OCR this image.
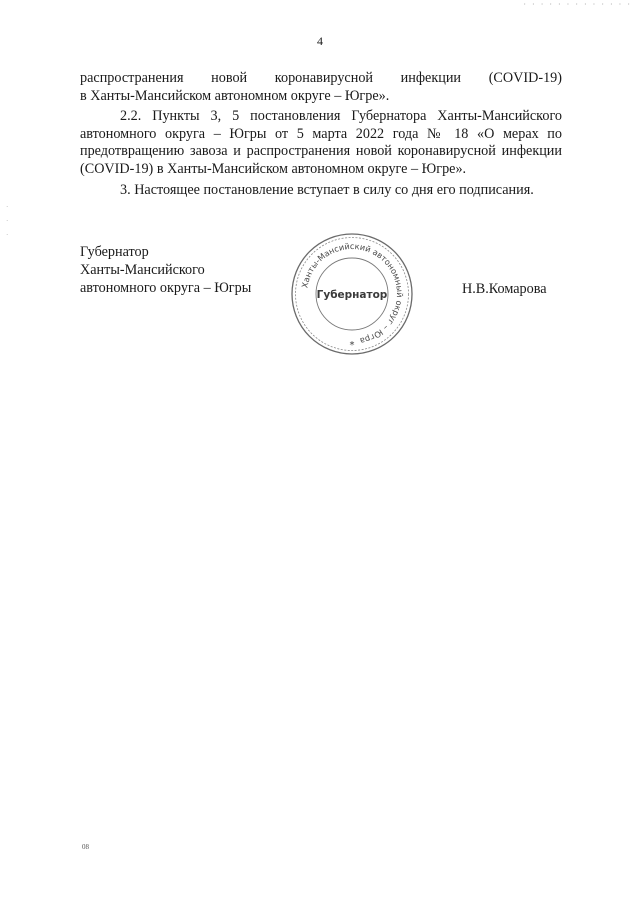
· · · · · · · · · · · · ·
4

распространения новой коронавирусной инфекции (COVID-19)

в Ханты-Мансийском автономном округе – Югре».

2.2. Пункты 3, 5 постановления Губернатора Ханты-Мансийского автономного округа – Югры от 5 марта 2022 года № 18 «О мерах по предотвращению завоза и распространения новой коронавирусной инфекции (COVID-19) в Ханты-Мансийском автономном округе – Югре».

3. Настоящее постановление вступает в силу со дня его подписания.

Губернатор
Ханты-Мансийского
автономного округа – Югры	Ханты-Мансийский автономный округ – Югра
Губернатор
*
Н.В.Комарова
·
·
·
08
